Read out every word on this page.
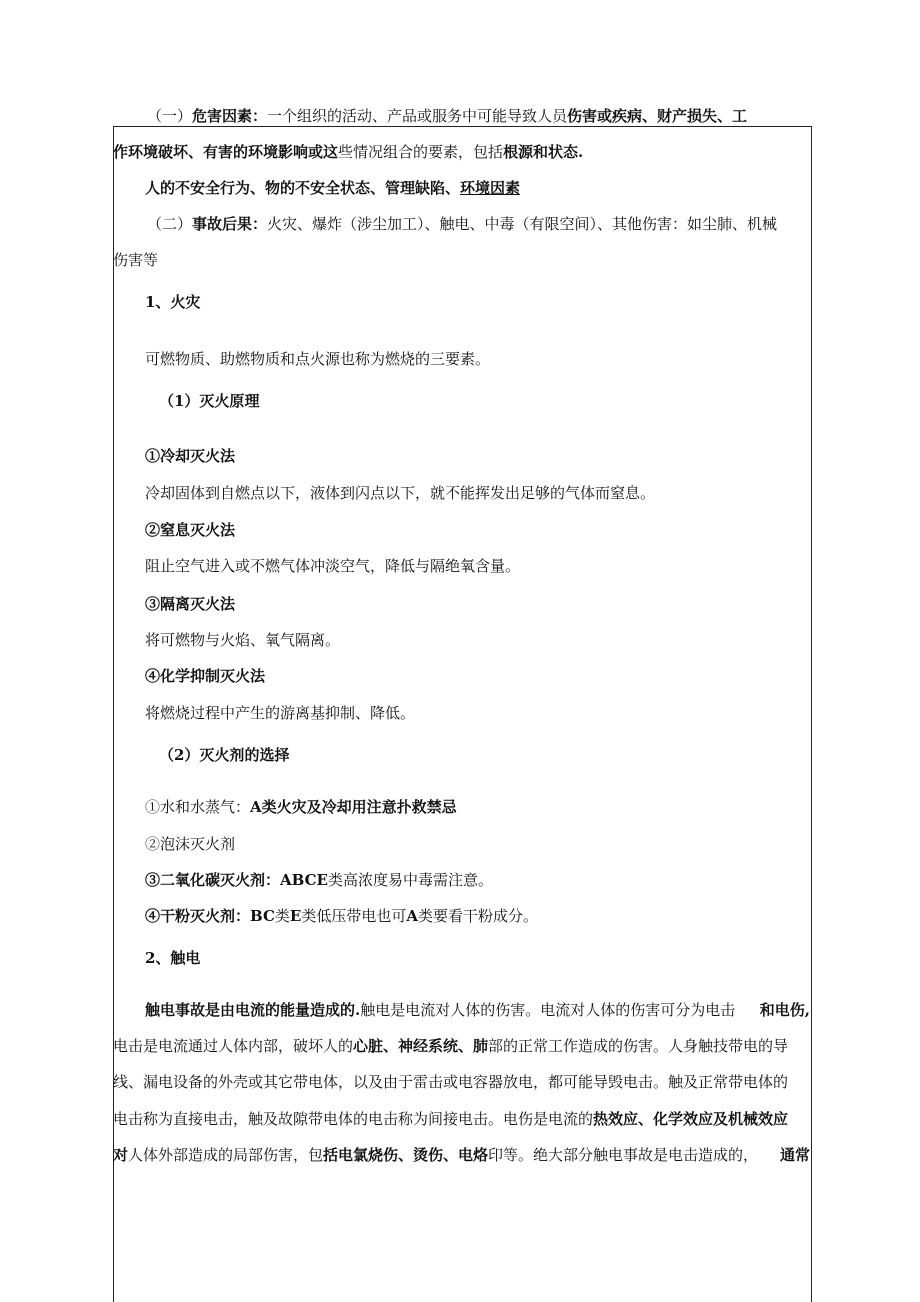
（一）危害因素：一个组织的活动、产品或服务中可能导致人员伤害或疾病、财产损失、工
作环境破坏、有害的环境影响或这些情况组合的要素，包括根源和状态.
人的不安全行为、物的不安全状态、管理缺陷、环境因素
（二）事故后果：火灾、爆炸（涉尘加工）、触电、中毒（有限空间）、其他伤害：如尘肺、机械
伤害等
1、火灾
可燃物质、助燃物质和点火源也称为燃烧的三要素。
（1）灭火原理
①冷却灭火法
冷却固体到自燃点以下，液体到闪点以下，就不能挥发出足够的气体而窒息。
②窒息灭火法
阻止空气进入或不燃气体冲淡空气，降低与隔绝氧含量。
③隔离灭火法
将可燃物与火焰、氧气隔离。
④化学抑制灭火法
将燃烧过程中产生的游离基抑制、降低。
（2）灭火剂的选择
①水和水蒸气：A类火灾及冷却用注意扑救禁忌
②泡沫灭火剂
③二氧化碳灭火剂：ABCE类高浓度易中毒需注意。
④干粉灭火剂：BC类E类低压带电也可A类要看干粉成分。
2、触电
触电事故是由电流的能量造成的.触电是电流对人体的伤害。电流对人体的伤害可分为电击 和电伤,
电击是电流通过人体内部，破坏人的心脏、神经系统、肺部的正常工作造成的伤害。人身触技带电的导
线、漏电设备的外壳或其它带电体，以及由于雷击或电容器放电，都可能导毁电击。触及正常带电体的
电击称为直接电击，触及故隙带电体的电击称为间接电击。电伤是电流的热效应、化学效应及机械效应
对人体外部造成的局部伤害，包括电氯烧伤、烫伤、电烙印等。绝大部分触电事故是电击造成的， 通常
